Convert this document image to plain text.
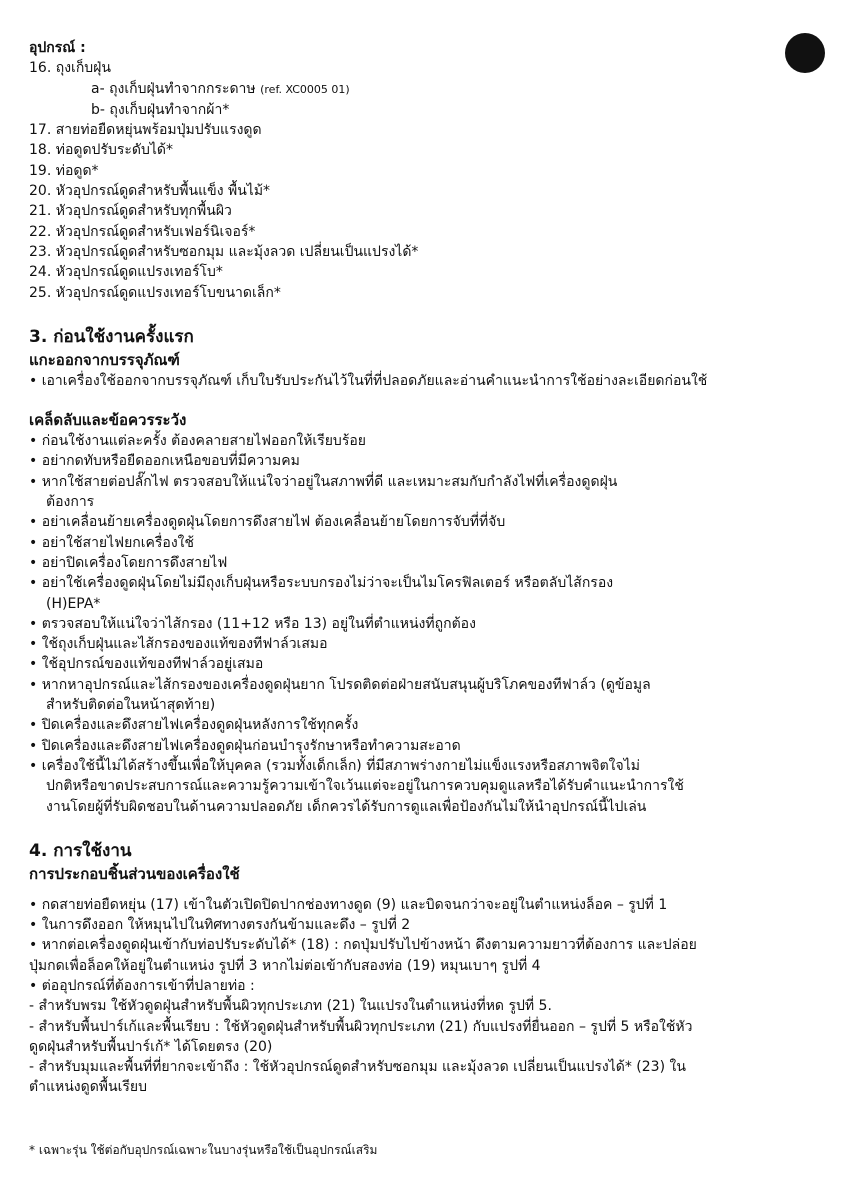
อุปกรณ์ :
16. ถุงเก็บฝุ่น
a- ถุงเก็บฝุ่นทำจากกระดาษ (ref. XC0005 01)
b- ถุงเก็บฝุ่นทำจากผ้า*
17. สายท่อยืดหยุ่นพร้อมปุ่มปรับแรงดูด
18. ท่อดูดปรับระดับได้*
19. ท่อดูด*
20. หัวอุปกรณ์ดูดสำหรับพื้นแข็ง พื้นไม้*
21. หัวอุปกรณ์ดูดสำหรับทุกพื้นผิว
22. หัวอุปกรณ์ดูดสำหรับเฟอร์นิเจอร์*
23. หัวอุปกรณ์ดูดสำหรับซอกมุม และมุ้งลวด เปลี่ยนเป็นแปรงได้*
24. หัวอุปกรณ์ดูดแปรงเทอร์โบ*
25. หัวอุปกรณ์ดูดแปรงเทอร์โบขนาดเล็ก*
3. ก่อนใช้งานครั้งแรก
แกะออกจากบรรจุภัณฑ์
• เอาเครื่องใช้ออกจากบรรจุภัณฑ์ เก็บใบรับประกันไว้ในที่ที่ปลอดภัยและอ่านคำแนะนำการใช้อย่างละเอียดก่อนใช้
เคล็ดลับและข้อควรระวัง
• ก่อนใช้งานแต่ละครั้ง ต้องคลายสายไฟออกให้เรียบร้อย
• อย่ากดทับหรือยืดออกเหนือขอบที่มีความคม
• หากใช้สายต่อปลั๊กไฟ ตรวจสอบให้แน่ใจว่าอยู่ในสภาพที่ดี และเหมาะสมกับกำลังไฟที่เครื่องดูดฝุ่น
ต้องการ
• อย่าเคลื่อนย้ายเครื่องดูดฝุ่นโดยการดึงสายไฟ ต้องเคลื่อนย้ายโดยการจับที่ที่จับ
• อย่าใช้สายไฟยกเครื่องใช้
• อย่าปิดเครื่องโดยการดึงสายไฟ
• อย่าใช้เครื่องดูดฝุ่นโดยไม่มีถุงเก็บฝุ่นหรือระบบกรองไม่ว่าจะเป็นไมโครฟิลเตอร์ หรือตลับไส้กรอง
(H)EPA*
• ตรวจสอบให้แน่ใจว่าไส้กรอง (11+12 หรือ 13) อยู่ในที่ตำแหน่งที่ถูกต้อง
• ใช้ถุงเก็บฝุ่นและไส้กรองของแท้ของทีฟาล์วเสมอ
• ใช้อุปกรณ์ของแท้ของทีฟาล์วอยู่เสมอ
• หากหาอุปกรณ์และไส้กรองของเครื่องดูดฝุ่นยาก โปรดติดต่อฝ่ายสนับสนุนผู้บริโภคของทีฟาล์ว (ดูข้อมูล
สำหรับติดต่อในหน้าสุดท้าย)
• ปิดเครื่องและดึงสายไฟเครื่องดูดฝุ่นหลังการใช้ทุกครั้ง
• ปิดเครื่องและดึงสายไฟเครื่องดูดฝุ่นก่อนบำรุงรักษาหรือทำความสะอาด
• เครื่องใช้นี้ไม่ได้สร้างขึ้นเพื่อให้บุคคล (รวมทั้งเด็กเล็ก) ที่มีสภาพร่างกายไม่แข็งแรงหรือสภาพจิตใจไม่
ปกติหรือขาดประสบการณ์และความรู้ความเข้าใจเว้นแต่จะอยู่ในการควบคุมดูแลหรือได้รับคำแนะนำการใช้
งานโดยผู้ที่รับผิดชอบในด้านความปลอดภัย เด็กควรได้รับการดูแลเพื่อป้องกันไม่ให้นำอุปกรณ์นี้ไปเล่น
4. การใช้งาน
การประกอบชิ้นส่วนของเครื่องใช้
• กดสายท่อยืดหยุ่น (17) เข้าในตัวเปิดปิดปากช่องทางดูด (9) และบิดจนกว่าจะอยู่ในตำแหน่งล็อค – รูปที่ 1
• ในการดึงออก ให้หมุนไปในทิศทางตรงกันข้ามและดึง – รูปที่ 2
• หากต่อเครื่องดูดฝุ่นเข้ากับท่อปรับระดับได้* (18) : กดปุ่มปรับไปข้างหน้า ดึงตามความยาวที่ต้องการ และปล่อย
ปุ่มกดเพื่อล็อคให้อยู่ในตำแหน่ง รูปที่ 3 หากไม่ต่อเข้ากับสองท่อ (19) หมุนเบาๆ รูปที่ 4
• ต่ออุปกรณ์ที่ต้องการเข้าที่ปลายท่อ :
- สำหรับพรม ใช้หัวดูดฝุ่นสำหรับพื้นผิวทุกประเภท (21) ในแปรงในตำแหน่งที่หด รูปที่ 5.
- สำหรับพื้นปาร์เก้และพื้นเรียบ : ใช้หัวดูดฝุ่นสำหรับพื้นผิวทุกประเภท (21) กับแปรงที่ยื่นออก – รูปที่ 5 หรือใช้หัว
ดูดฝุ่นสำหรับพื้นปาร์เก้* ได้โดยตรง (20)
- สำหรับมุมและพื้นที่ที่ยากจะเข้าถึง : ใช้หัวอุปกรณ์ดูดสำหรับซอกมุม และมุ้งลวด เปลี่ยนเป็นแปรงได้* (23) ใน
ตำแหน่งดูดพื้นเรียบ
* เฉพาะรุ่น ใช้ต่อกับอุปกรณ์เฉพาะในบางรุ่นหรือใช้เป็นอุปกรณ์เสริม
